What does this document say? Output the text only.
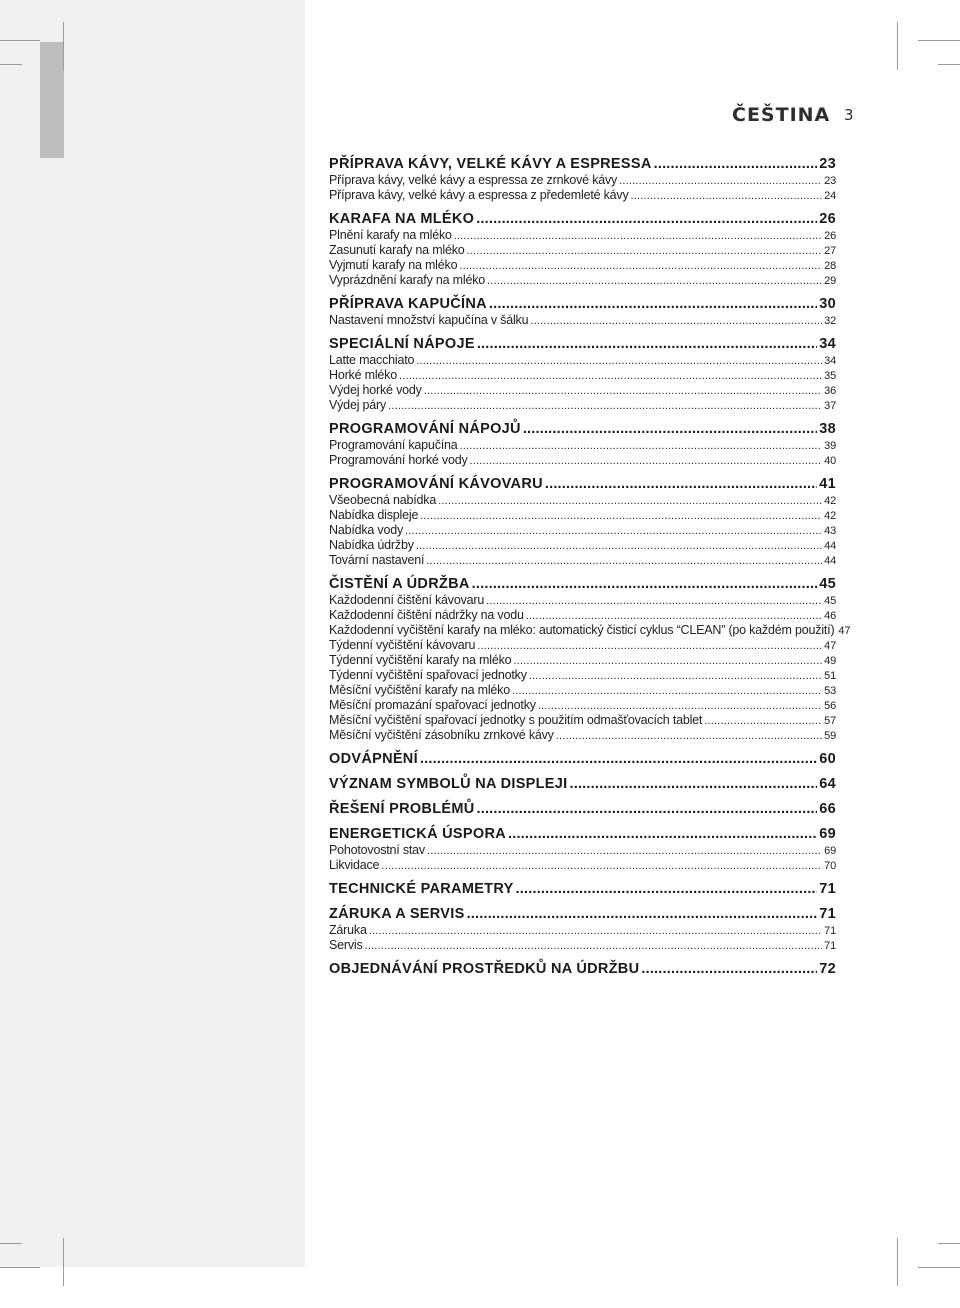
ČEŠTINA 3
PŘÍPRAVA KÁVY, VELKÉ KÁVY A ESPRESSA .....	23
Příprava kávy, velké kávy a espressa ze zrnkové kávy .....	23
Příprava kávy, velké kávy a espressa z předemleté kávy .....	24
KARAFA NA MLÉKO .....	26
Plnění karafy na mléko .....	26
Zasunutí karafy na mléko .....	27
Vyjmutí karafy na mléko .....	28
Vyprázdnění karafy na mléko .....	29
PŘÍPRAVA KAPUČÍNA .....	30
Nastavení množství kapučína v šálku .....	32
SPECIÁLNÍ NÁPOJE .....	34
Latte macchiato .....	34
Horké mléko .....	35
Výdej horké vody .....	36
Výdej páry .....	37
PROGRAMOVÁNÍ NÁPOJŮ .....	38
Programování kapučína .....	39
Programování horké vody .....	40
PROGRAMOVÁNÍ KÁVOVARU .....	41
Všeobecná nabídka .....	42
Nabídka displeje .....	42
Nabídka vody .....	43
Nabídka údržby .....	44
Tovární nastavení .....	44
ČISTĚNÍ A ÚDRŽBA .....	45
Každodenní čištění kávovaru .....	45
Každodenní čištění nádržky na vodu .....	46
Každodenní vyčištění karafy na mléko: automatický čisticí cyklus “CLEAN” (po každém použití) 47
Týdenní vyčištění kávovaru .....	47
Týdenní vyčištění karafy na mléko .....	49
Týdenní vyčištění spařovací jednotky .....	51
Měsíční vyčištění karafy na mléko .....	53
Měsíční promazání spařovací jednotky .....	56
Měsíční vyčištění spařovací jednotky s použitím odmašťovacích tablet .....	57
Měsíční vyčištění zásobníku zrnkové kávy .....	59
ODVÁPNĚNÍ .....	60
VÝZNAM SYMBOLŮ NA DISPLEJI .....	64
ŘEŠENÍ PROBLÉMŮ .....	66
ENERGETICKÁ ÚSPORA .....	69
Pohotovostní stav .....	69
Likvidace .....	70
TECHNICKÉ PARAMETRY .....	71
ZÁRUKA A SERVIS .....	71
Záruka .....	71
Servis .....	71
OBJEDNÁVÁNÍ PROSTŘEDKŮ NA ÚDRŽBU .....	72
